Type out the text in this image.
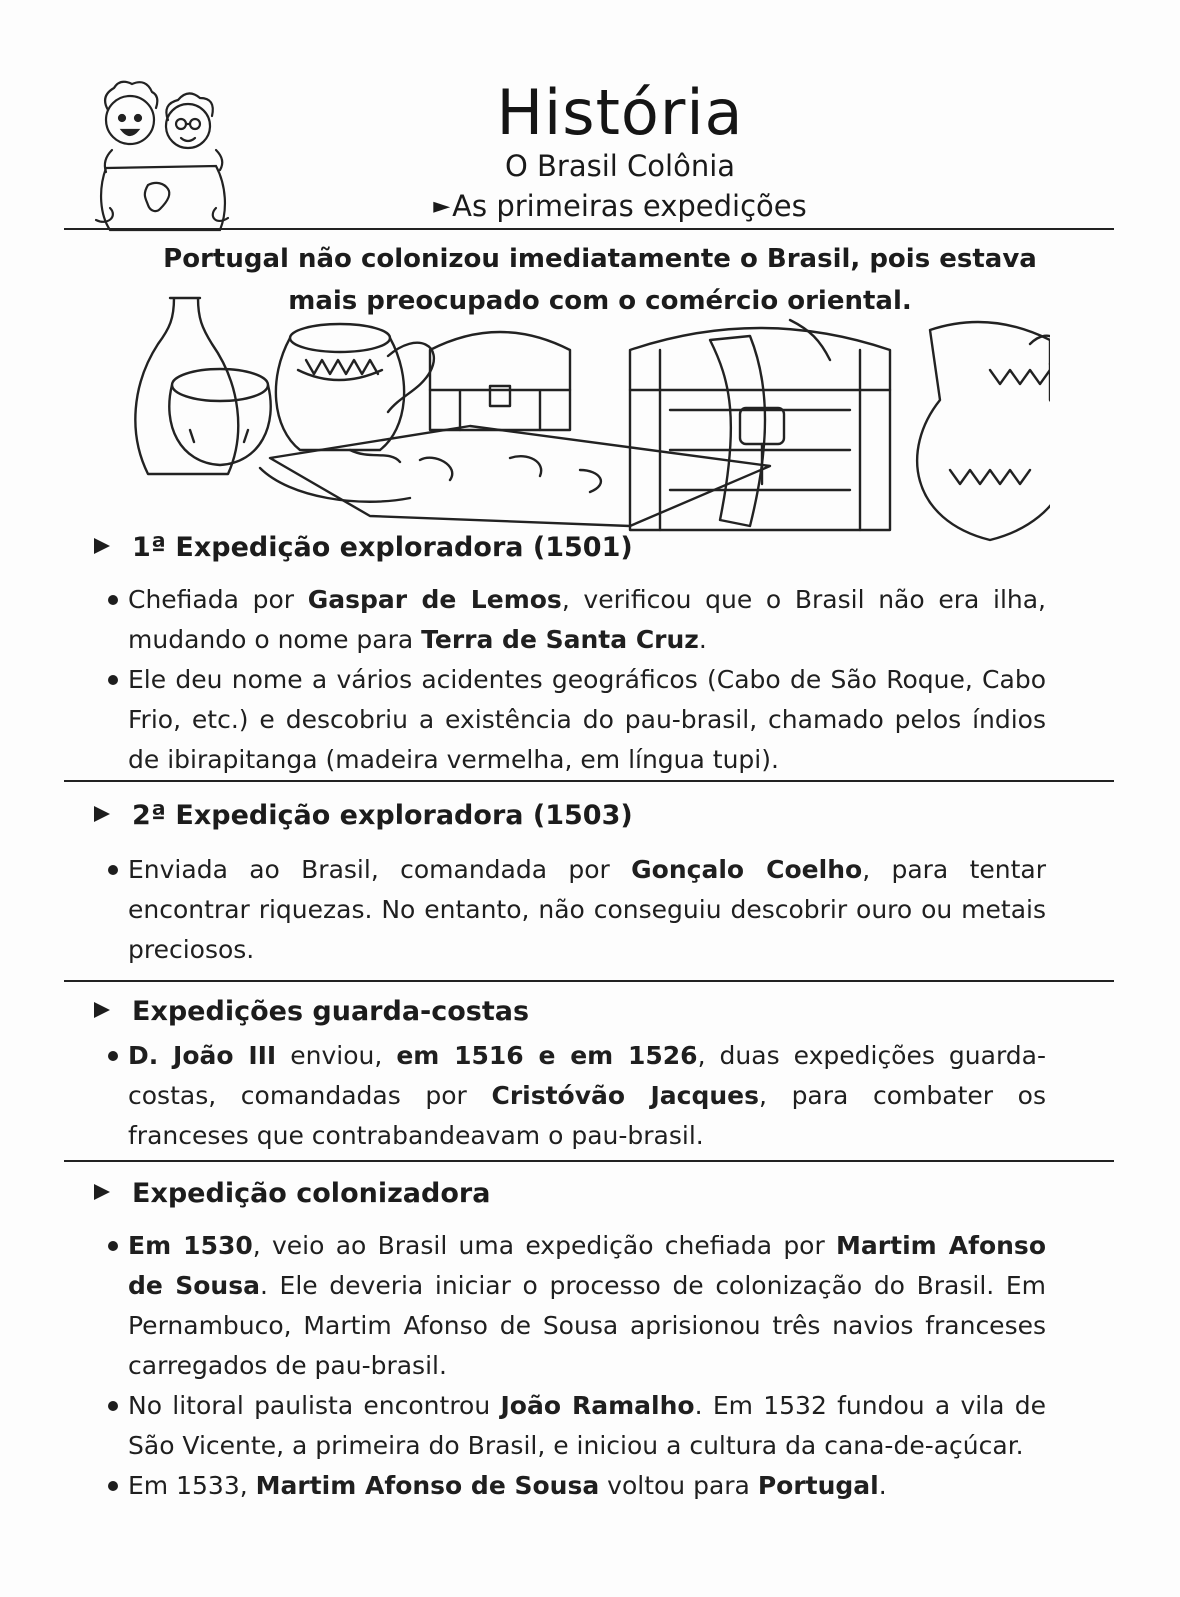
História
O Brasil Colônia
►As primeiras expedições
Portugal não colonizou imediatamente o Brasil, pois estava mais preocupado com o comércio oriental.
1ª Expedição exploradora (1501)
Chefiada por Gaspar de Lemos, verificou que o Brasil não era ilha, mudando o nome para Terra de Santa Cruz.
Ele deu nome a vários acidentes geográficos (Cabo de São Roque, Cabo Frio, etc.) e descobriu a existência do pau-brasil, chamado pelos índios de ibirapitanga (madeira vermelha, em língua tupi).
2ª Expedição exploradora (1503)
Enviada ao Brasil, comandada por Gonçalo Coelho, para tentar encontrar riquezas. No entanto, não conseguiu descobrir ouro ou metais preciosos.
Expedições guarda-costas
D. João III enviou, em 1516 e em 1526, duas expedições guarda-costas, comandadas por Cristóvão Jacques, para combater os franceses que contrabandeavam o pau-brasil.
Expedição colonizadora
Em 1530, veio ao Brasil uma expedição chefiada por Martim Afonso de Sousa. Ele deveria iniciar o processo de colonização do Brasil. Em Pernambuco, Martim Afonso de Sousa aprisionou três navios franceses carregados de pau-brasil.
No litoral paulista encontrou João Ramalho. Em 1532 fundou a vila de São Vicente, a primeira do Brasil, e iniciou a cultura da cana-de-açúcar.
Em 1533, Martim Afonso de Sousa voltou para Portugal.
